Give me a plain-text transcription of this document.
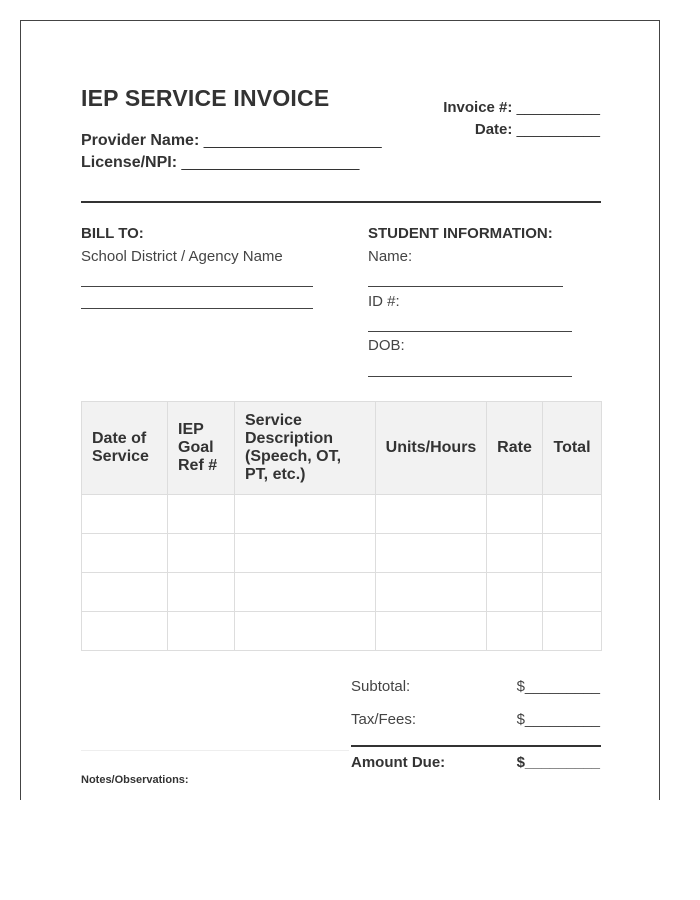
IEP SERVICE INVOICE
Provider Name: ____________________
License/NPI: ____________________
Invoice #: __________
Date: __________
BILL TO:
School District / Agency Name
STUDENT INFORMATION:
Name:
ID #:
DOB:
Date of Service	IEP Goal Ref #	Service Description (Speech, OT, PT, etc.)	Units/Hours	Rate	Total

Subtotal:	$_________
Tax/Fees:	$_________
Amount Due:	$_________
Notes/Observations:
